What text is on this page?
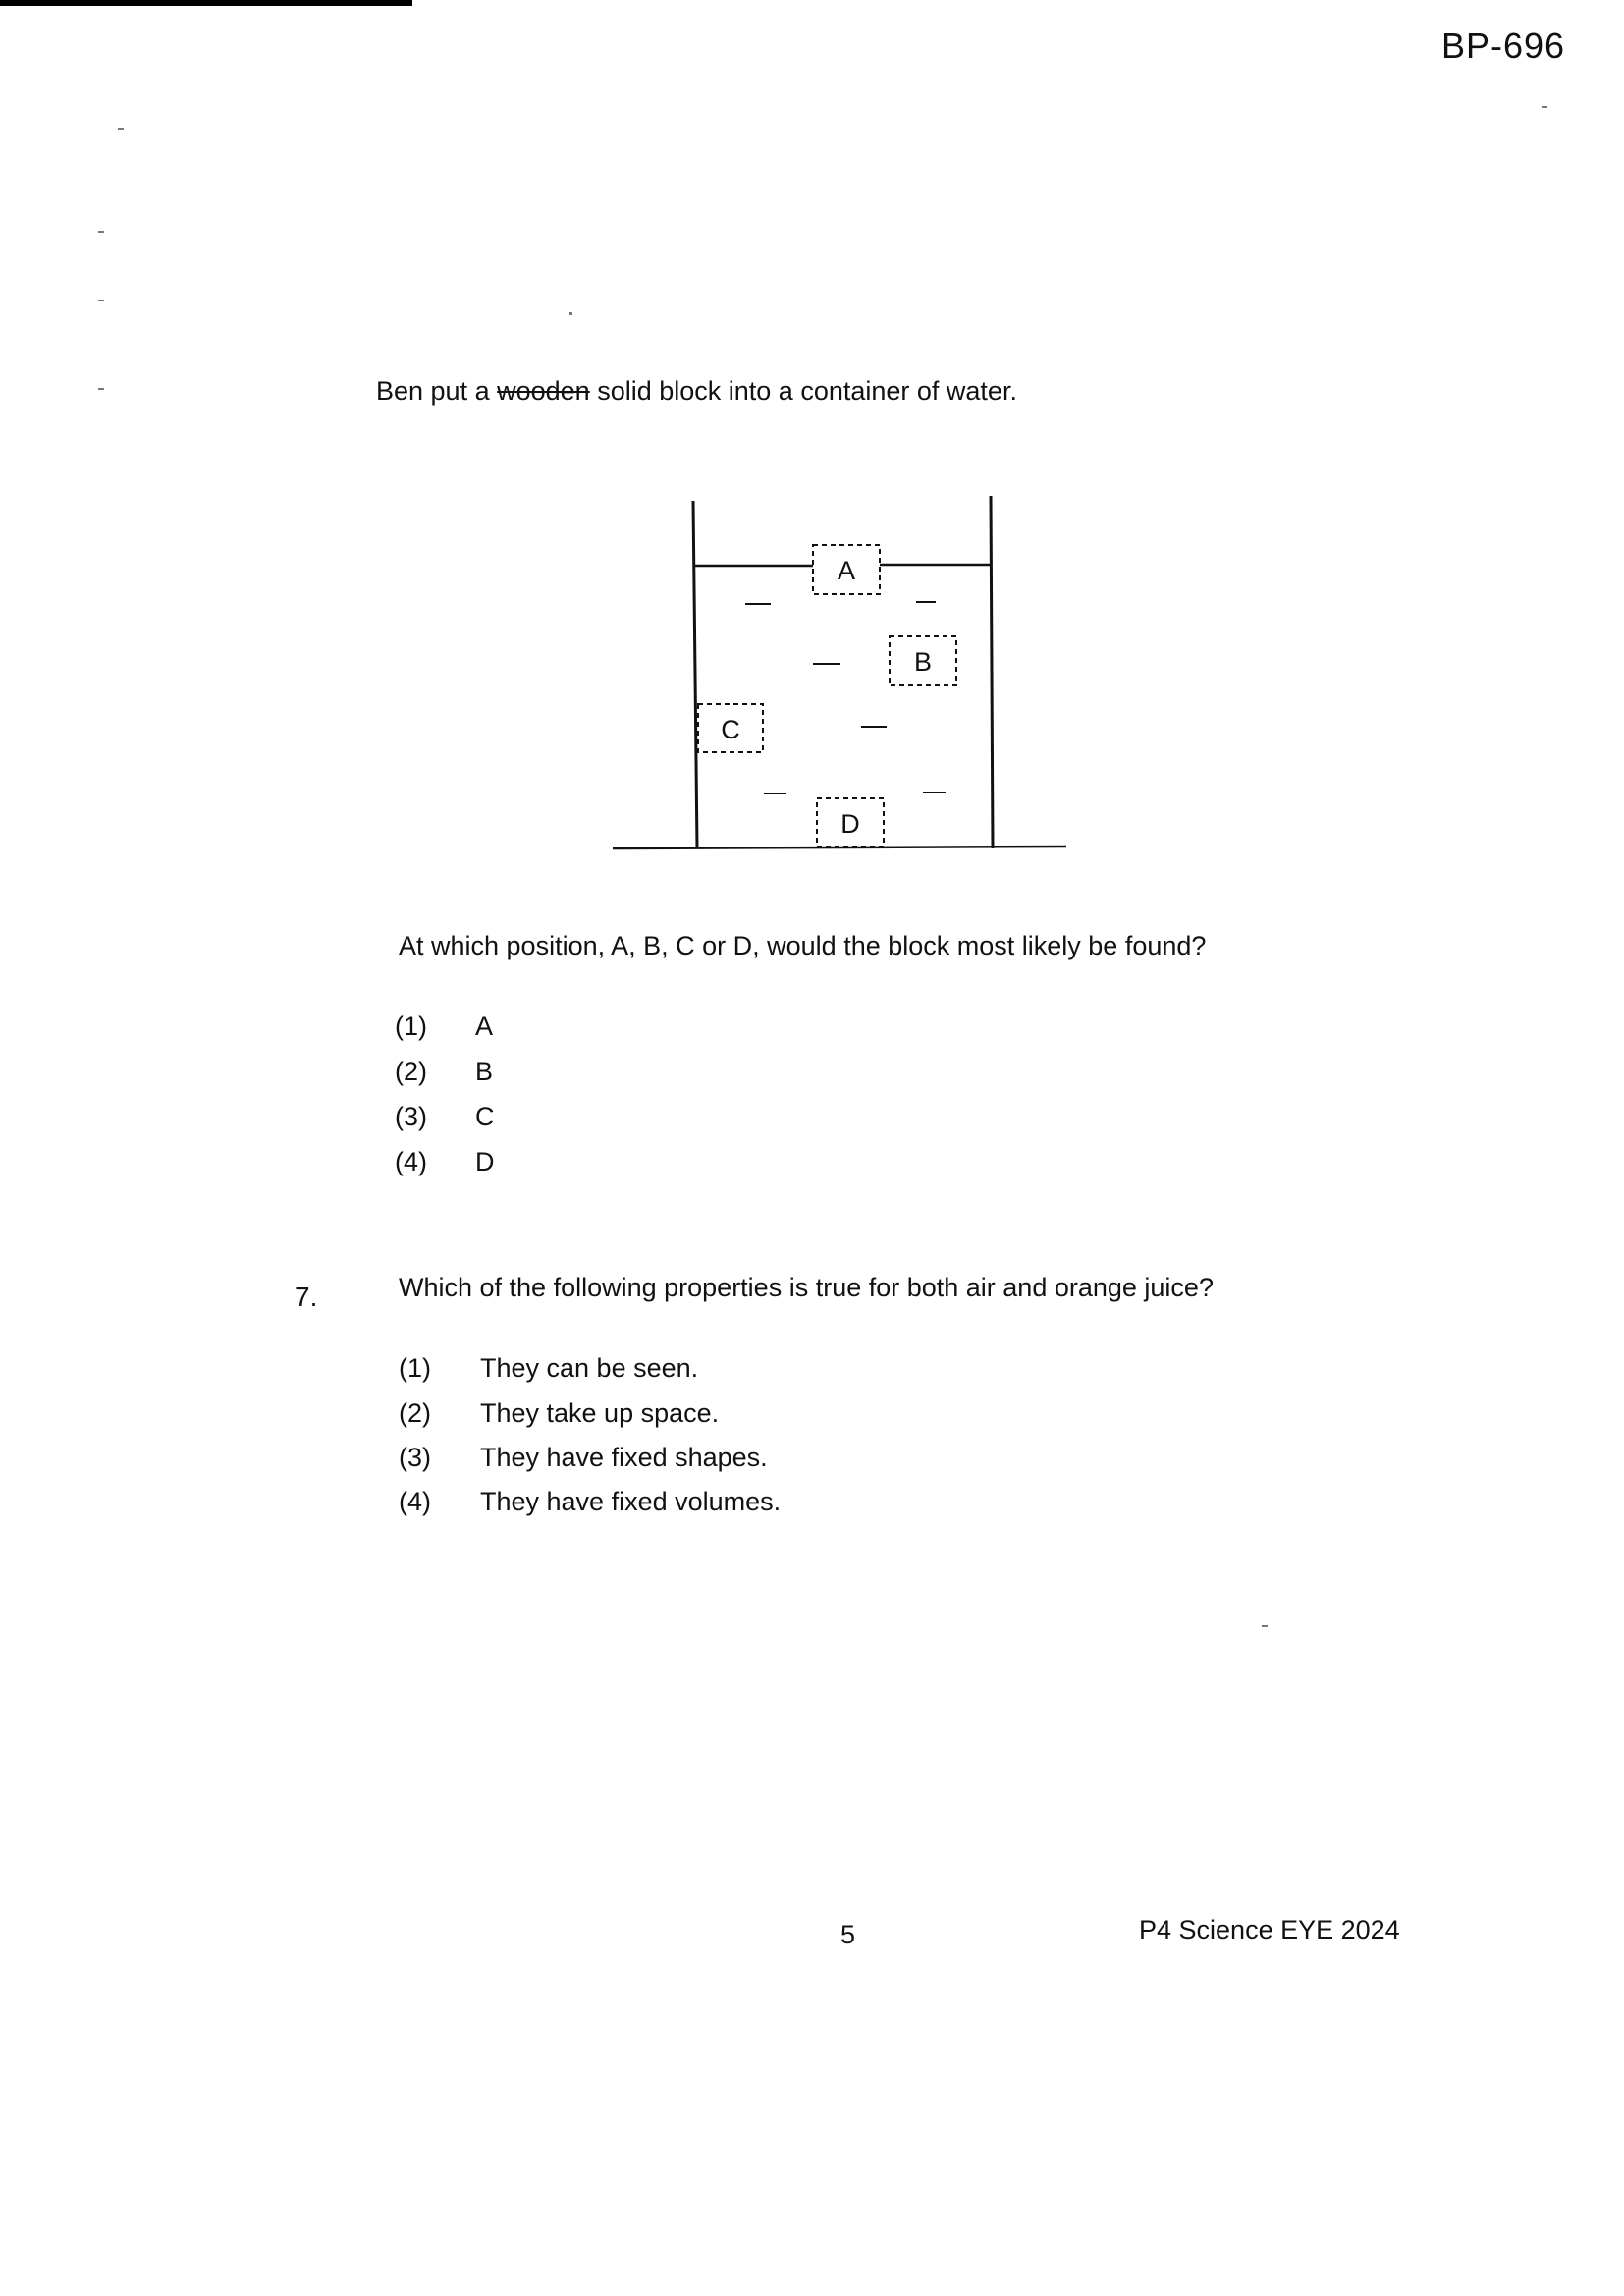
BP-696
Ben put a wooden solid block into a container of water.
A
B
C
D
At which position, A, B, C or D, would the block most likely be found?
(1) A
(2) B
(3) C
(4) D
7.	Which of the following properties is true for both air and orange juice?
(1) They can be seen.
(2) They take up space.
(3) They have fixed shapes.
(4) They have fixed volumes.
5	P4 Science EYE 2024
